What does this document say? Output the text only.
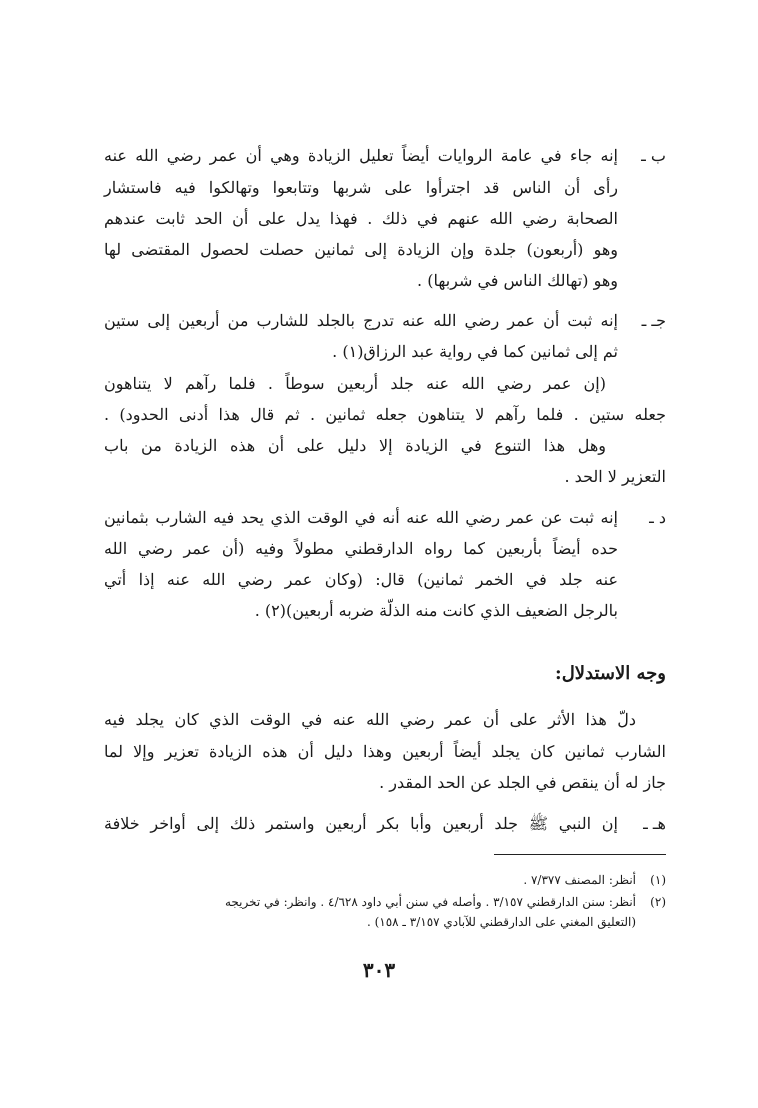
ب ـ
إنه جاء في عامة الروايات أيضاً تعليل الزيادة وهي أن عمر رضي الله عنه
رأى أن الناس قد اجترأوا على شربها وتتابعوا وتهالكوا فيه فاستشار
الصحابة رضي الله عنهم في ذلك . فهذا يدل على أن الحد ثابت عندهم
وهو (أربعون) جلدة وإن الزيادة إلى ثمانين حصلت لحصول المقتضى لها
وهو (تهالك الناس في شربها) .
جـ ـ
إنه ثبت أن عمر رضي الله عنه تدرج بالجلد للشارب من أربعين إلى ستين
ثم إلى ثمانين كما في رواية عبد الرزاق(١) .
(إن عمر رضي الله عنه جلد أربعين سوطاً . فلما رآهم لا يتناهون
جعله ستين . فلما رآهم لا يتناهون جعله ثمانين . ثم قال هذا أدنى الحدود) .
وهل هذا التنوع في الزيادة إلا دليل على أن هذه الزيادة من باب
التعزير لا الحد .
د ـ
إنه ثبت عن عمر رضي الله عنه أنه في الوقت الذي يحد فيه الشارب بثمانين
حده أيضاً بأربعين كما رواه الدارقطني مطولاً وفيه (أن عمر رضي الله
عنه جلد في الخمر ثمانين) قال: (وكان عمر رضي الله عنه إذا أتي
بالرجل الضعيف الذي كانت منه الذلّة ضربه أربعين)(٢) .
وجه الاستدلال:
دلّ هذا الأثر على أن عمر رضي الله عنه في الوقت الذي كان يجلد فيه
الشارب ثمانين كان يجلد أيضاً أربعين وهذا دليل أن هذه الزيادة تعزير وإلا لما
جاز له أن ينقص في الجلد عن الحد المقدر .
هـ ـ
إن النبي ﷺ جلد أربعين وأبا بكر أربعين واستمر ذلك إلى أواخر خلافة
(١)أنظر: المصنف ٧/٣٧٧ .
(٢)أنظر: سنن الدارقطني ٣/١٥٧ . وأصله في سنن أبي داود ٤/٦٢٨ . وانظر: في تخريجه
(التعليق المغني على الدارقطني للآبادي ٣/١٥٧ ـ ١٥٨) .
٣٠٣
